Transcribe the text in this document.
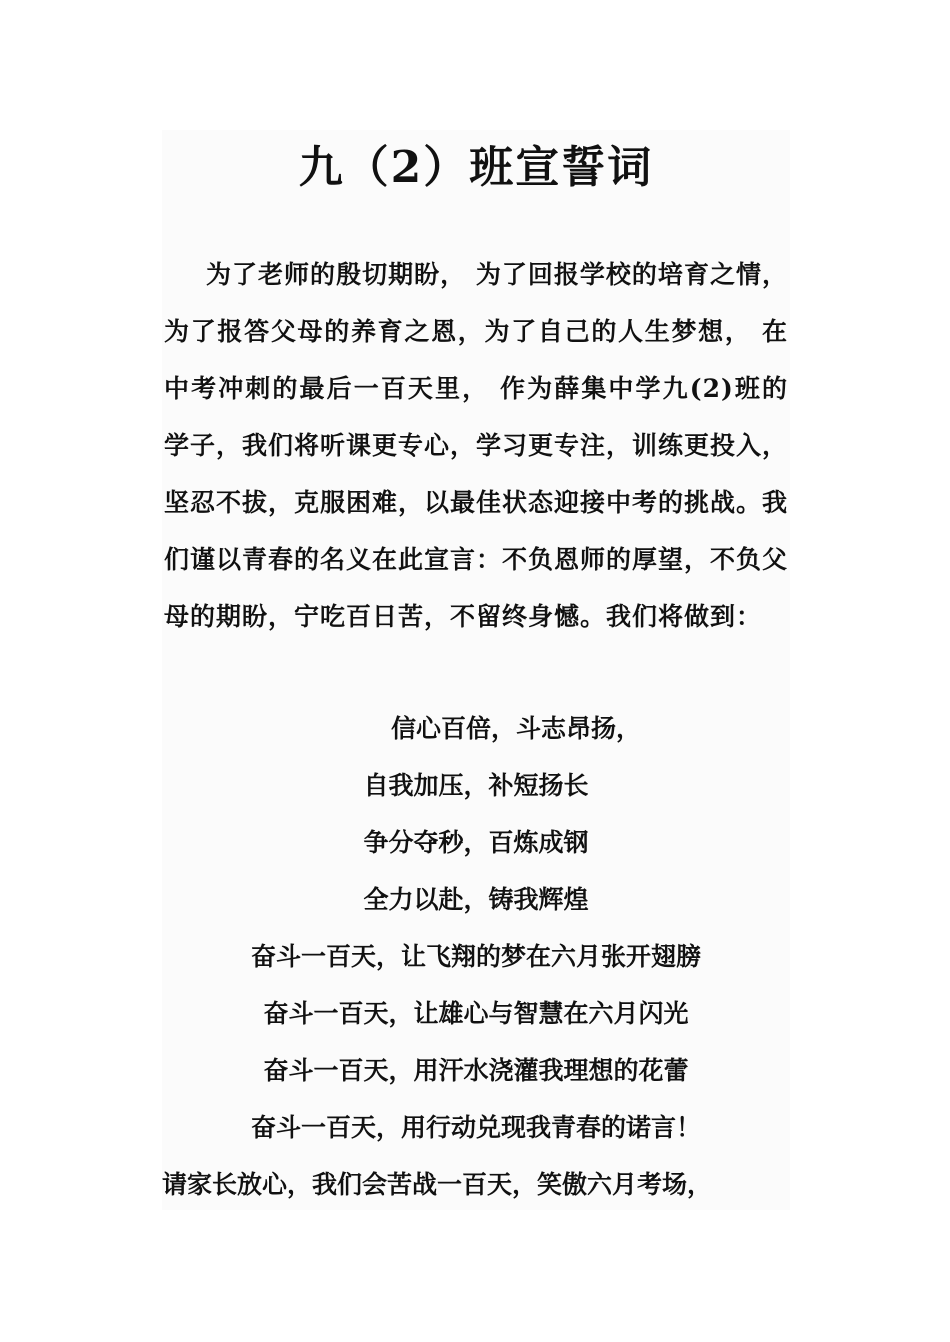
九（2）班宣誓词

为了老师的殷切期盼， 为了回报学校的培育之情， 为了报答父母的养育之恩，为了自己的人生梦想， 在中考冲刺的最后一百天里， 作为薛集中学九(2)班的学子，我们将听课更专心，学习更专注，训练更投入，坚忍不拔，克服困难，以最佳状态迎接中考的挑战。我们谨以青春的名义在此宣言：不负恩师的厚望，不负父母的期盼，宁吃百日苦，不留终身憾。我们将做到：

信心百倍，斗志昂扬，
自我加压，补短扬长
争分夺秒，百炼成钢
全力以赴，铸我辉煌
奋斗一百天，让飞翔的梦在六月张开翅膀
奋斗一百天，让雄心与智慧在六月闪光
奋斗一百天，用汗水浇灌我理想的花蕾
奋斗一百天，用行动兑现我青春的诺言！
请家长放心，我们会苦战一百天，笑傲六月考场，
